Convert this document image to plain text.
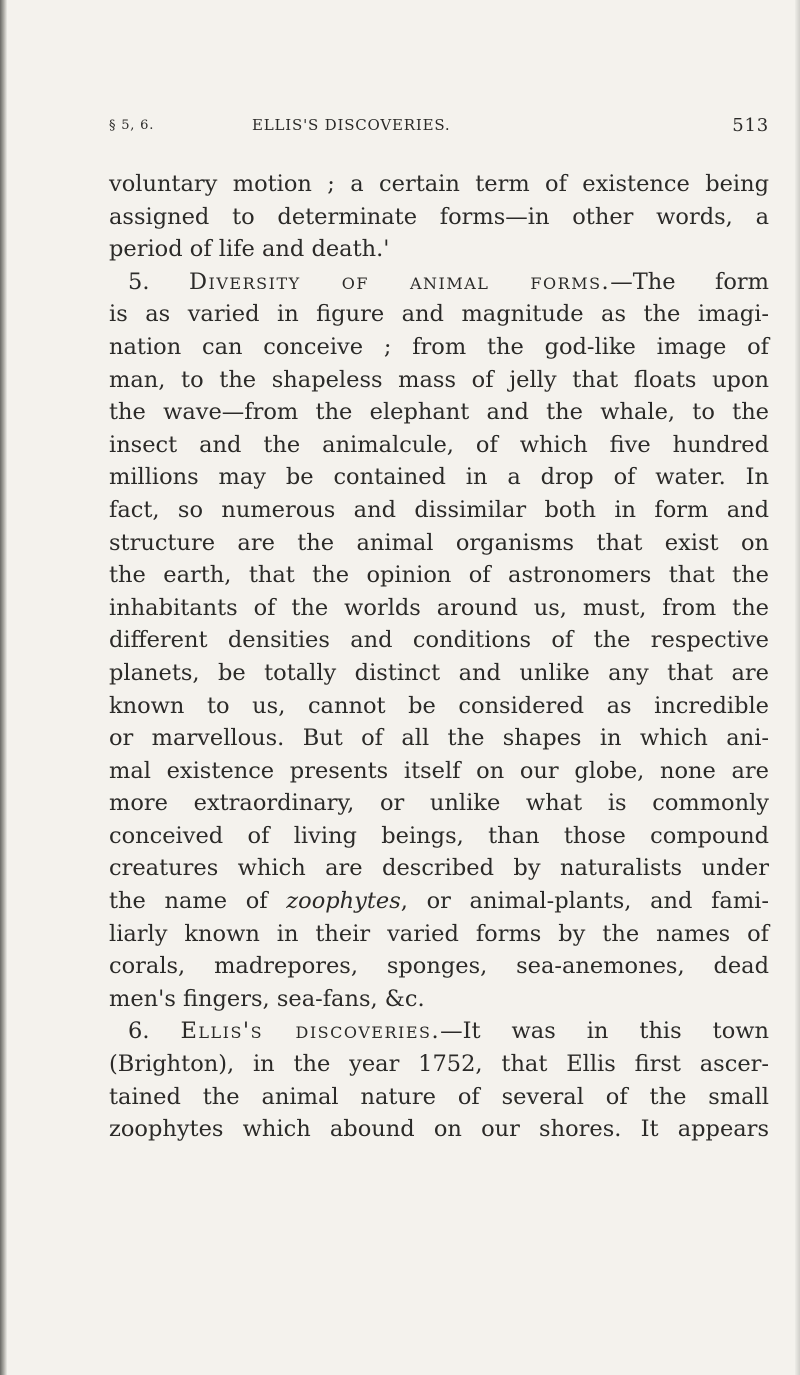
§ 5, 6.	ELLIS'S DISCOVERIES.	513
voluntary motion ; a certain term of existence being
assigned to determinate forms—in other words, a
period of life and death.'
5. Diversity of animal forms.—The form
is as varied in figure and magnitude as the imagi-
nation can conceive ; from the god-like image of
man, to the shapeless mass of jelly that floats upon
the wave—from the elephant and the whale, to the
insect and the animalcule, of which five hundred
millions may be contained in a drop of water. In
fact, so numerous and dissimilar both in form and
structure are the animal organisms that exist on
the earth, that the opinion of astronomers that the
inhabitants of the worlds around us, must, from the
different densities and conditions of the respective
planets, be totally distinct and unlike any that are
known to us, cannot be considered as incredible
or marvellous. But of all the shapes in which ani-
mal existence presents itself on our globe, none are
more extraordinary, or unlike what is commonly
conceived of living beings, than those compound
creatures which are described by naturalists under
the name of zoophytes, or animal-plants, and fami-
liarly known in their varied forms by the names of
corals, madrepores, sponges, sea-anemones, dead
men's fingers, sea-fans, &c.
6. Ellis's discoveries.—It was in this town
(Brighton), in the year 1752, that Ellis first ascer-
tained the animal nature of several of the small
zoophytes which abound on our shores. It appears
